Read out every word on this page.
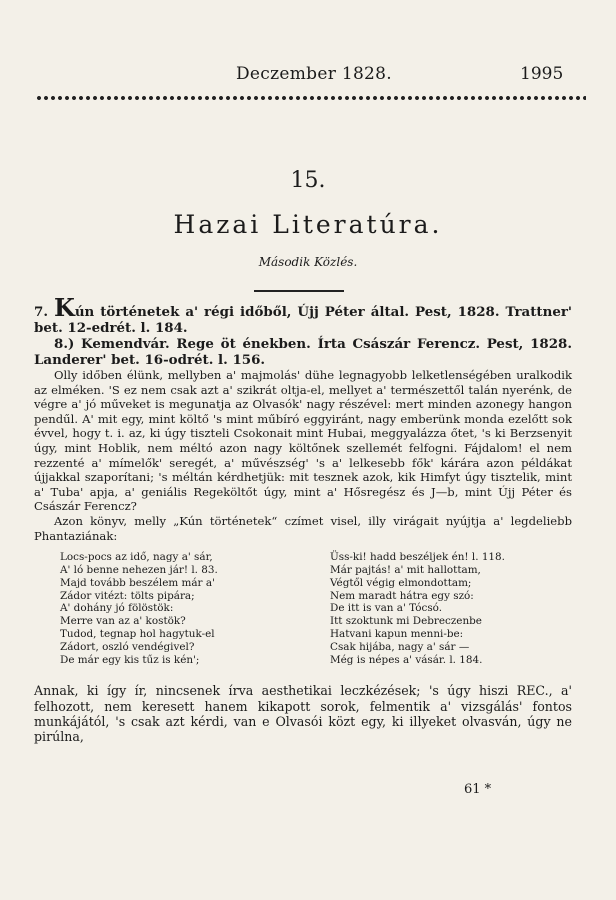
Deczember 1828.	1995
15.
Hazai Literatúra.
Második Közlés.

7. Kún történetek a' régi időből, Újj Péter által. Pest, 1828. Trattner' bet. 12-edrét. l. 184.

8.) Kemendvár. Rege öt énekben. Írta Császár Ferencz. Pest, 1828. Landerer' bet. 16-odrét. l. 156.

Olly időben élünk, mellyben a' majmolás' dühe legnagyobb lelketlenségében uralkodik az elméken. 'S ez nem csak azt a' szikrát oltja-el, mellyet a' természettől talán nyerénk, de végre a' jó műveket is megunatja az Olvasók' nagy részével: mert minden azonegy hangon pendűl. A' mit egy, mint költő 's mint műbíró eggyiránt, nagy emberünk monda ezelőtt sok évvel, hogy t. i. az, ki úgy tiszteli Csokonait mint Hubai, meggyalázza őtet, 's ki Berzsenyit úgy, mint Hoblik, nem méltó azon nagy költőnek szellemét felfogni. Fájdalom! el nem rezzenté a' mímelők' seregét, a' művészség' 's a' lelkesebb fők' kárára azon példákat újjakkal szaporítani; 's méltán kérdhetjük: mit tesznek azok, kik Himfyt úgy tisztelik, mint a' Tuba' apja, a' geniális Regeköltőt úgy, mint a' Hősregész és J—b, mint Újj Péter és Császár Ferencz?

Azon könyv, melly „Kún történetek“ czímet visel, illy virágait nyújtja a' legdeliebb Phantaziának:

Locs-pocs az idő, nagy a' sár,
A' ló benne nehezen jár! l. 83.
Majd tovább beszélem már a'
Zádor vitézt: tölts pipára;
A' dohány jó fölöstök:
Merre van az a' kostök?
Tudod, tegnap hol hagytuk-el
Zádort, oszló vendégivel?
De már egy kis tűz is kén';
Üss-ki! hadd beszéljek én! l. 118.
Már pajtás! a' mit hallottam,
Végtől végig elmondottam;
Nem maradt hátra egy szó:
De itt is van a' Tócsó.
Itt szoktunk mi Debreczenbe
Hatvani kapun menni-be:
Csak hijába, nagy a' sár —
Még is népes a' vásár. l. 184.

Annak, ki így ír, nincsenek írva aesthetikai leczkézések; 's úgy hiszi REC., a' felhozott, nem keresett hanem kikapott sorok, felmentik a' vizsgálás' fontos munkájától, 's csak azt kérdi, van e Olvasói közt egy, ki illyeket olvasván, úgy ne pirúlna,

61 *
